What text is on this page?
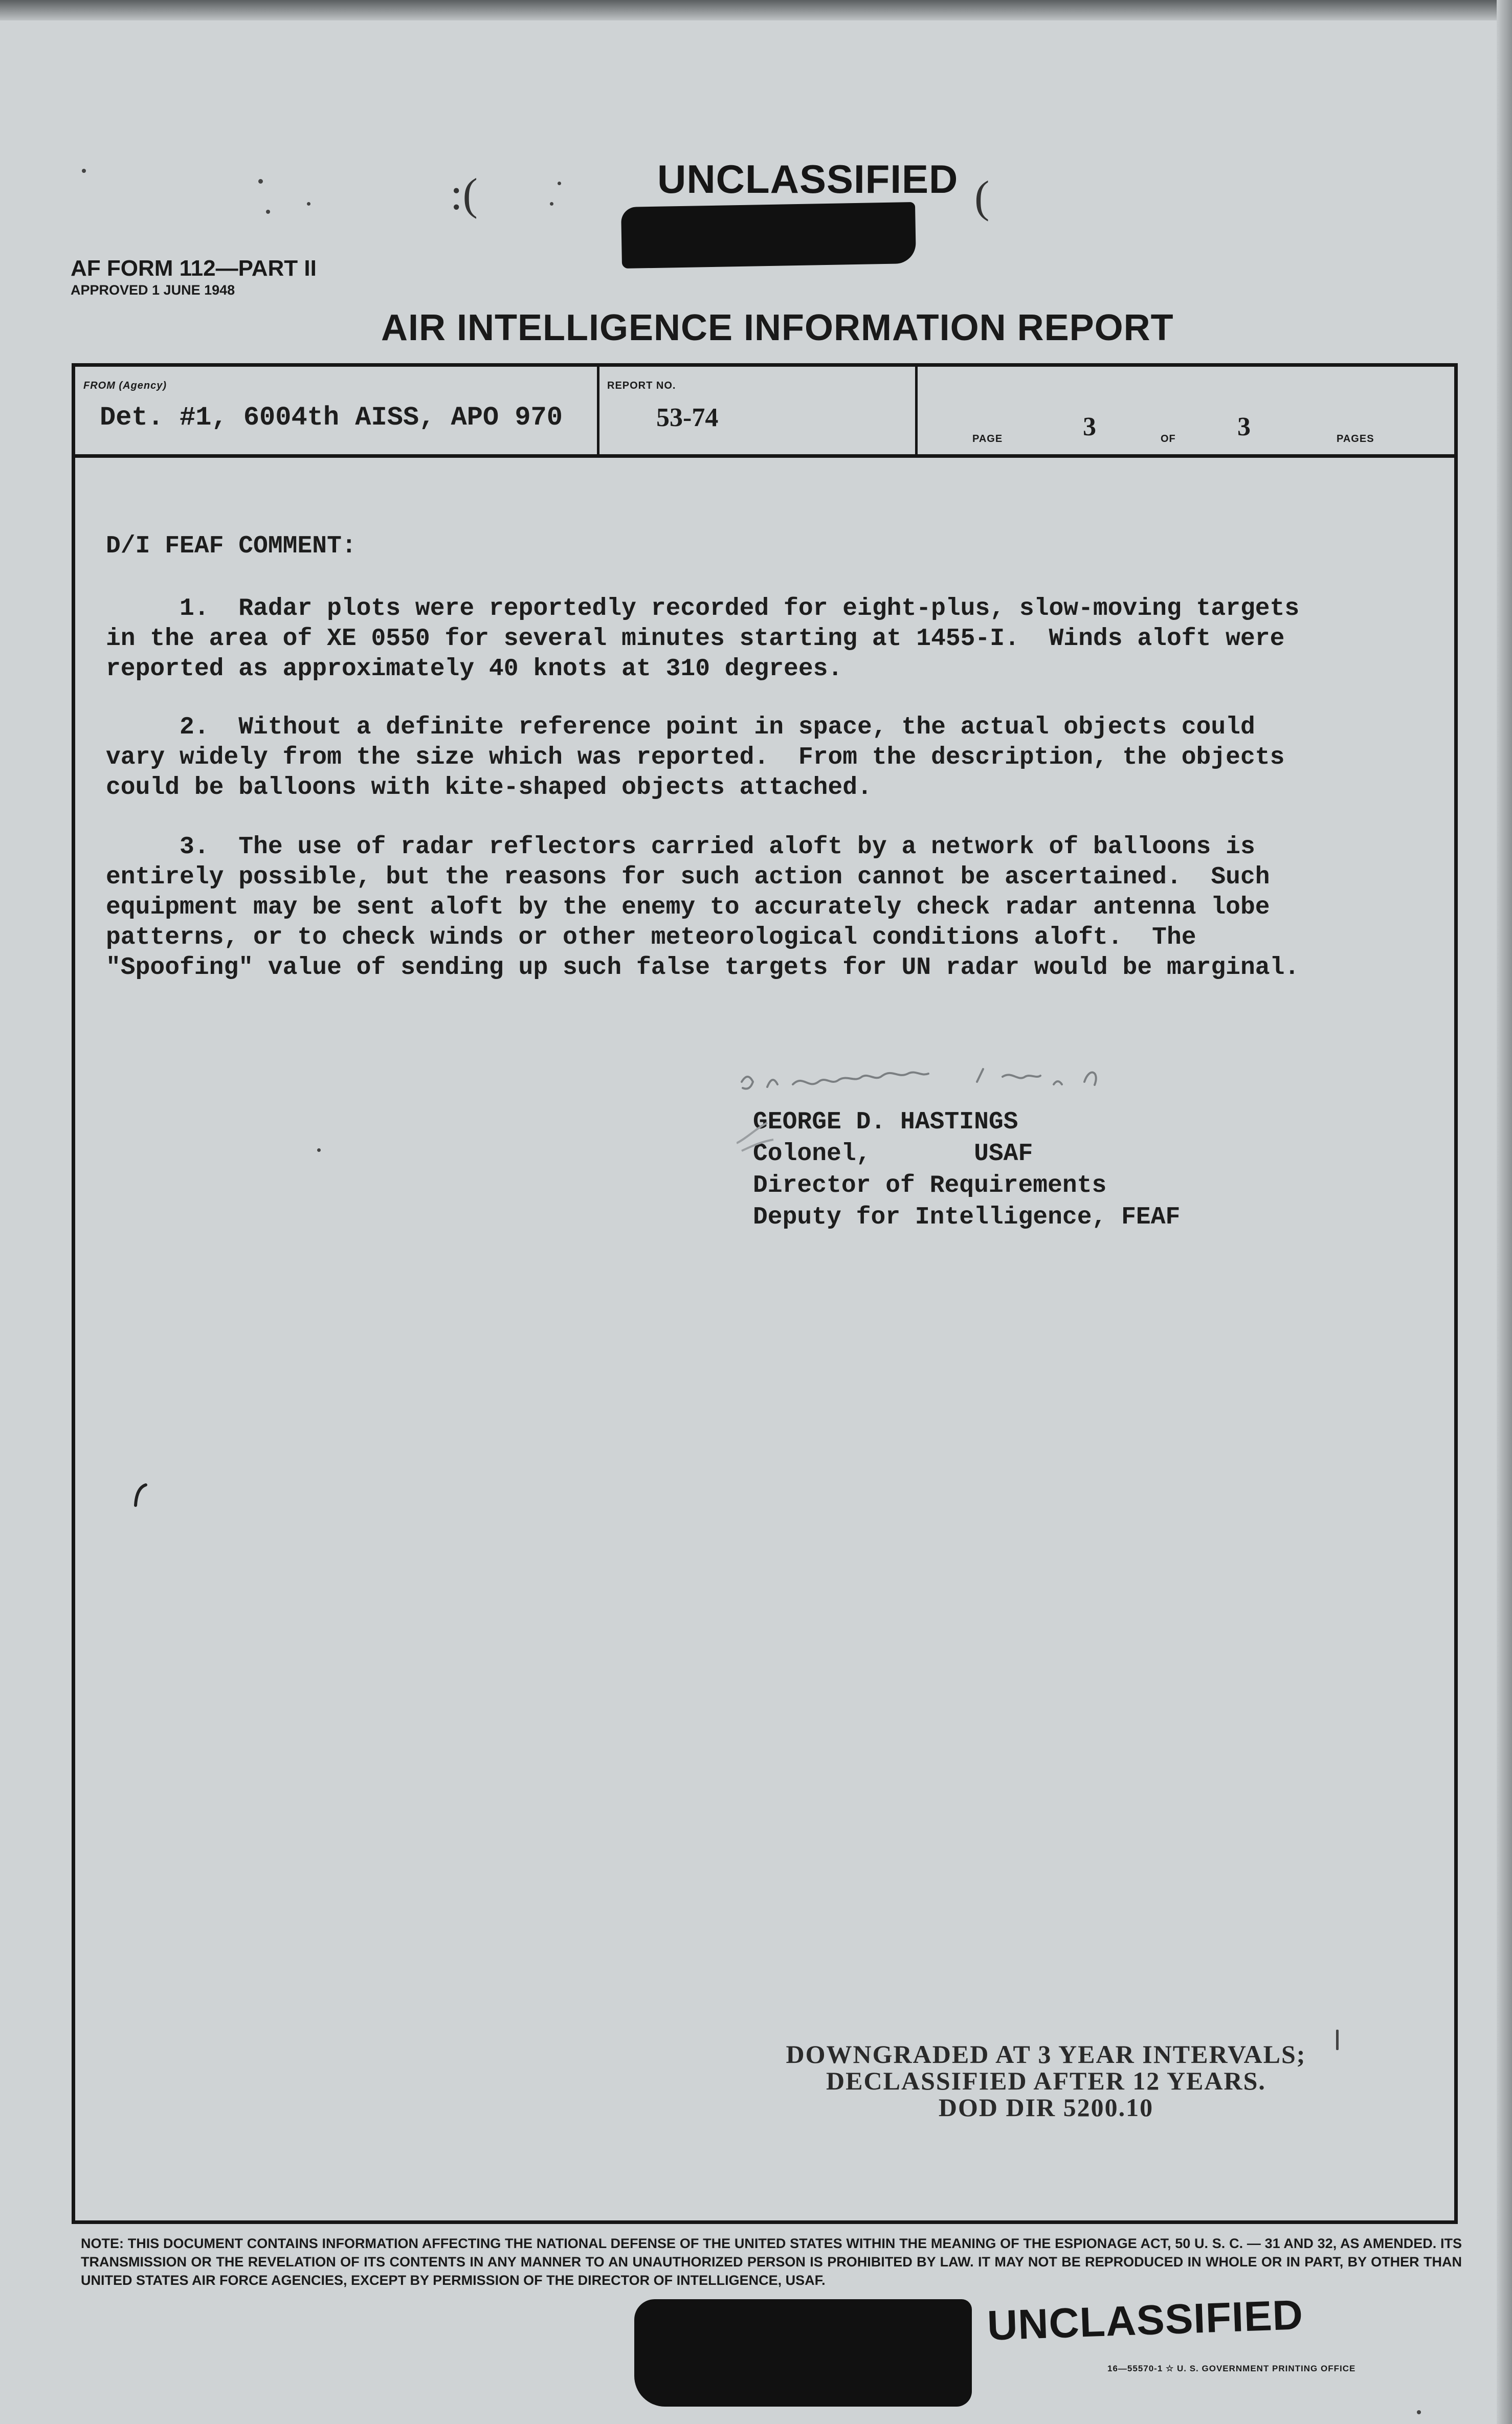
:(	(
UNCLASSIFIED
AF FORM 112—PART II
APPROVED 1 JUNE 1948
AIR INTELLIGENCE INFORMATION REPORT
FROM (Agency)
Det. #1, 6004th AISS, APO 970
REPORT NO.
53-74
PAGE	3	OF 3	PAGES
D/I FEAF COMMENT:
1.  Radar plots were reportedly recorded for eight-plus, slow-moving targets
in the area of XE 0550 for several minutes starting at 1455-I.  Winds aloft were
reported as approximately 40 knots at 310 degrees.
2.  Without a definite reference point in space, the actual objects could
vary widely from the size which was reported.  From the description, the objects
could be balloons with kite-shaped objects attached.
3.  The use of radar reflectors carried aloft by a network of balloons is
entirely possible, but the reasons for such action cannot be ascertained.  Such
equipment may be sent aloft by the enemy to accurately check radar antenna lobe
patterns, or to check winds or other meteorological conditions aloft.  The
"Spoofing" value of sending up such false targets for UN radar would be marginal.
GEORGE D. HASTINGS
Colonel,       USAF
Director of Requirements
Deputy for Intelligence, FEAF
DOWNGRADED AT 3 YEAR INTERVALS;
DECLASSIFIED AFTER 12 YEARS.
DOD DIR 5200.10
NOTE: THIS DOCUMENT CONTAINS INFORMATION AFFECTING THE NATIONAL DEFENSE OF THE UNITED STATES WITHIN THE MEANING OF THE ESPIONAGE ACT, 50 U. S. C. — 31 AND 32, AS AMENDED. ITS TRANSMISSION OR THE REVELATION OF ITS CONTENTS IN ANY MANNER TO AN UNAUTHORIZED PERSON IS PROHIBITED BY LAW. IT MAY NOT BE REPRODUCED IN WHOLE OR IN PART, BY OTHER THAN UNITED STATES AIR FORCE AGENCIES, EXCEPT BY PERMISSION OF THE DIRECTOR OF INTELLIGENCE, USAF.
UNCLASSIFIED
16—55570-1 ☆ U. S. GOVERNMENT PRINTING OFFICE
